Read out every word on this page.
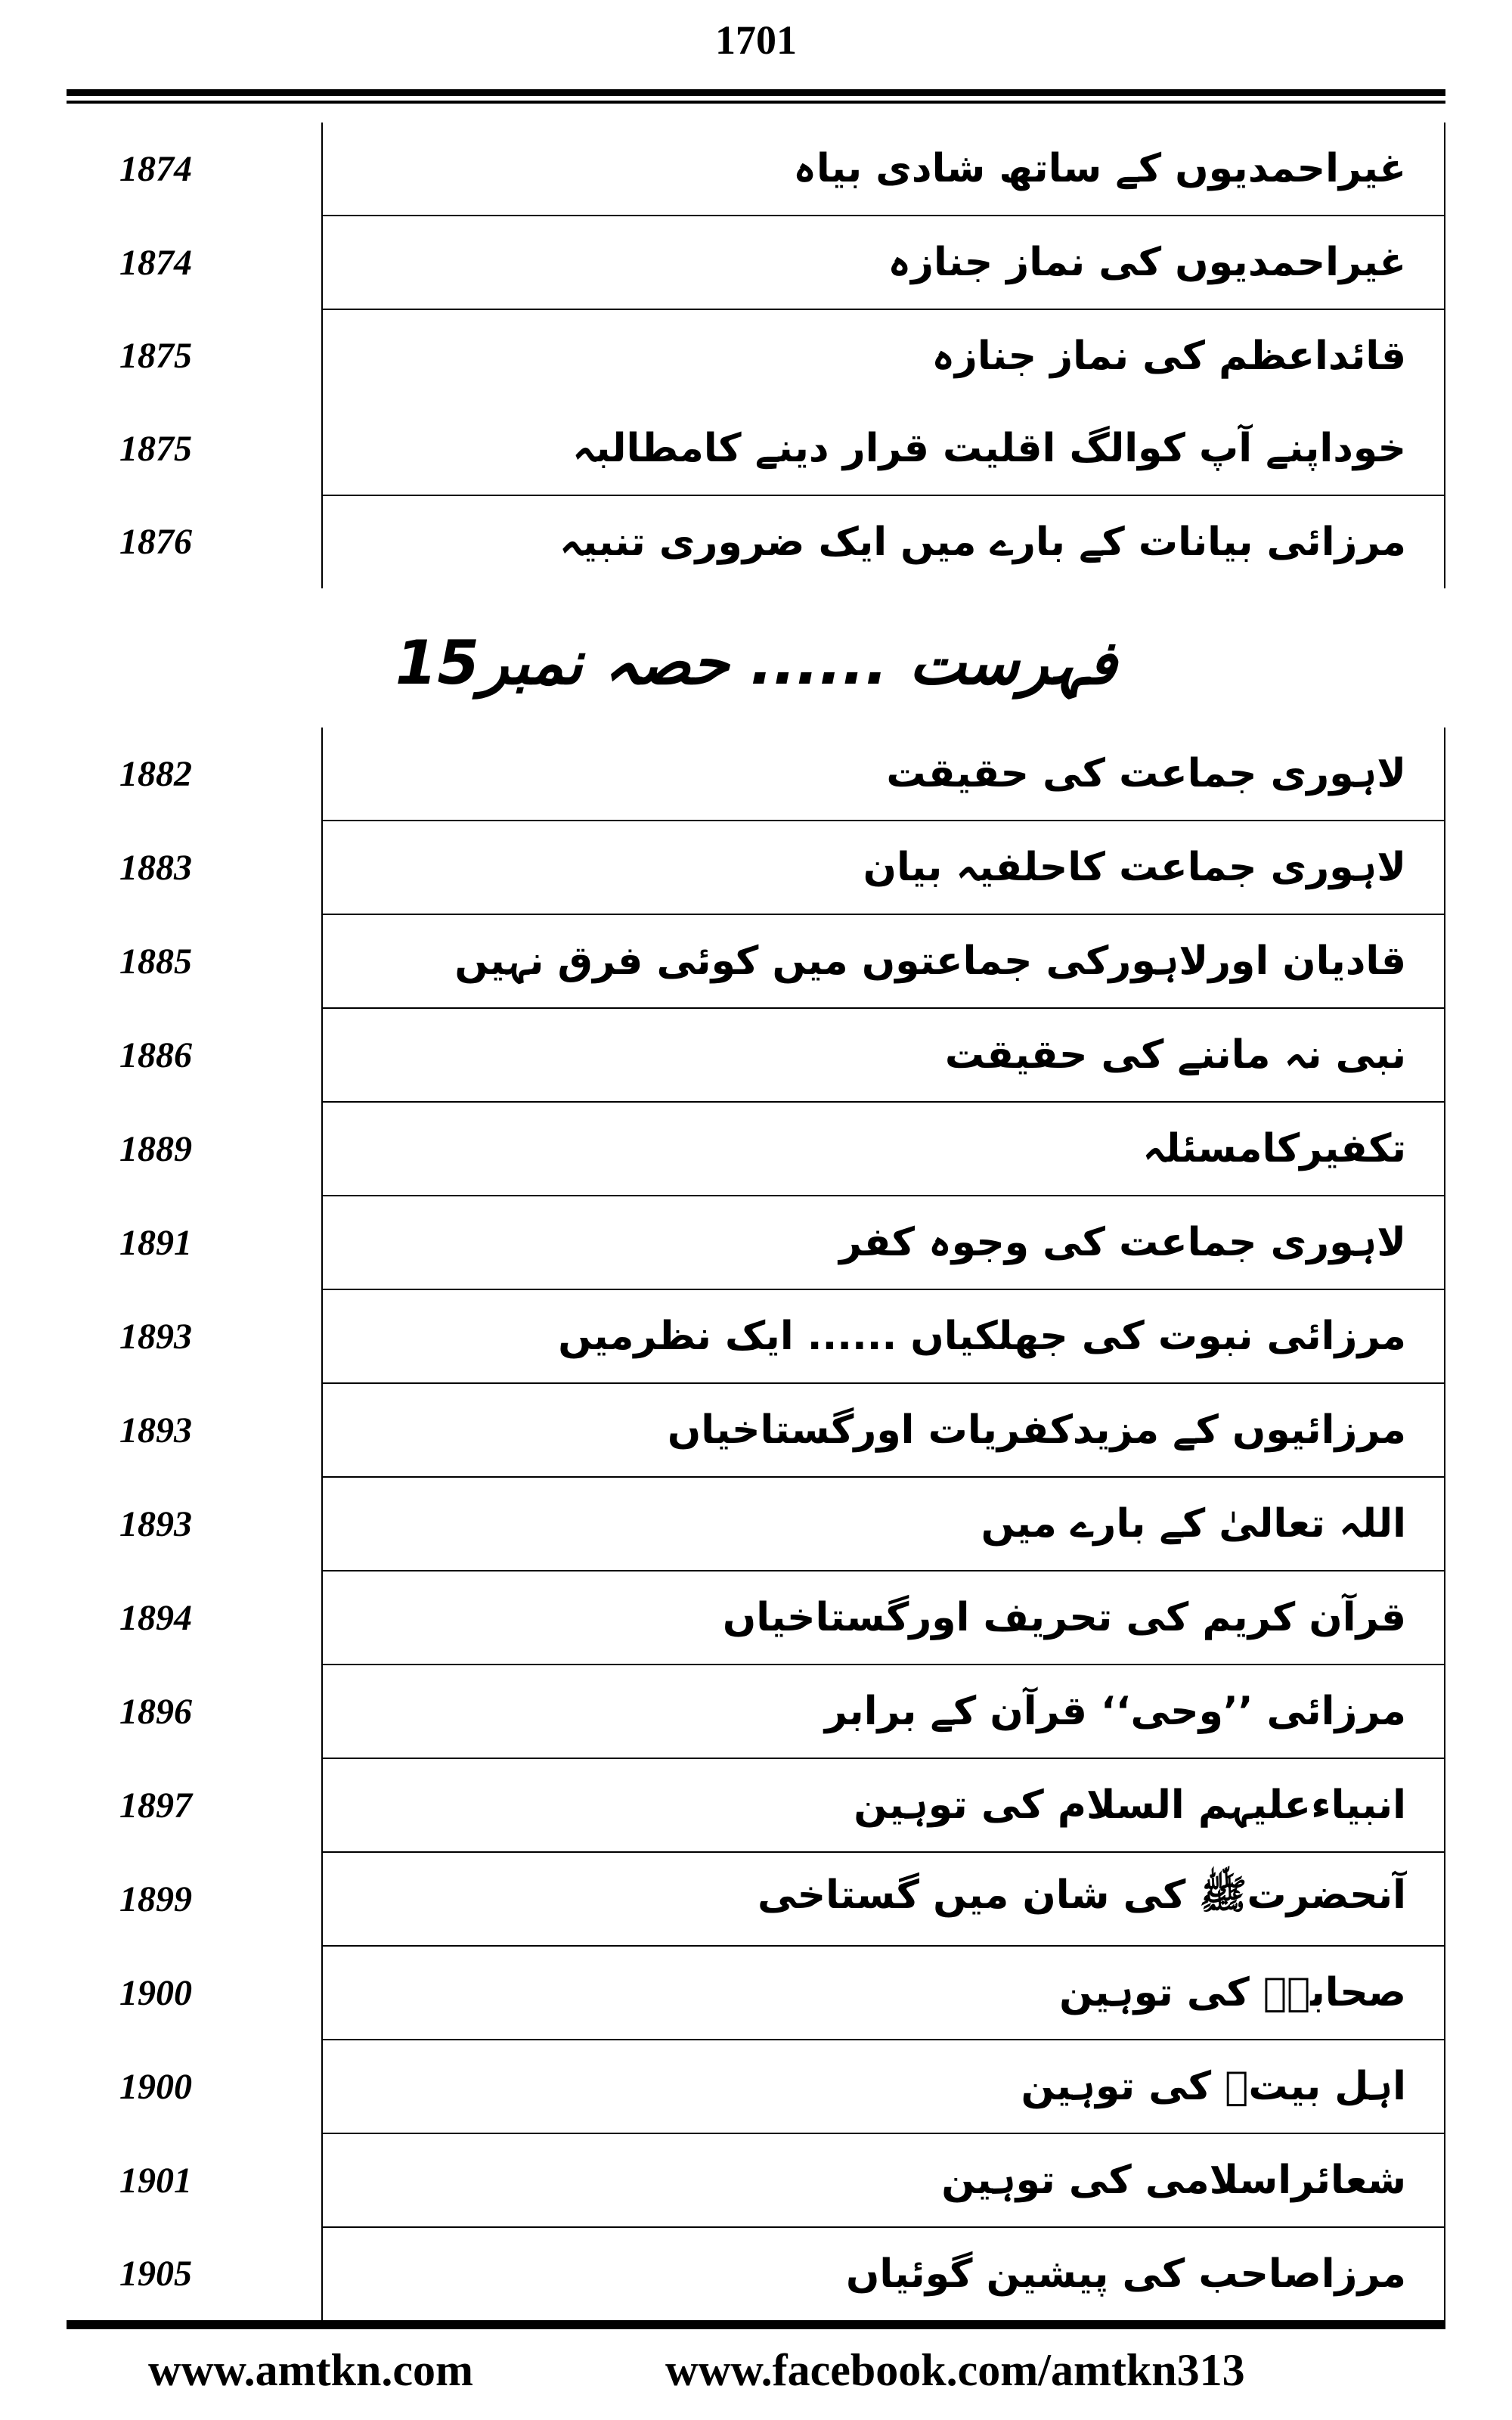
1701
1874	غیراحمدیوں کے ساتھ شادی بیاہ
1874	غیراحمدیوں کی نماز جنازہ
1875	قائداعظم کی نماز جنازہ
1875	خوداپنے آپ کوالگ اقلیت قرار دینے کامطالبہ
1876	مرزائی بیانات کے بارے میں ایک ضروری تنبیہ
فہرست ...... حصہ نمبر15
1882	لاہوری جماعت کی حقیقت
1883	لاہوری جماعت کاحلفیہ بیان
1885	قادیان اورلاہورکی جماعتوں میں کوئی فرق نہیں
1886	نبی نہ ماننے کی حقیقت
1889	تکفیرکامسئلہ
1891	لاہوری جماعت کی وجوہ کفر
1893	مرزائی نبوت کی جھلکیاں ...... ایک نظرمیں
1893	مرزائیوں کے مزیدکفریات اورگستاخیاں
1893	اللہ تعالیٰ کے بارے میں
1894	قرآن کریم کی تحریف اورگستاخیاں
1896	مرزائی ’’وحی‘‘ قرآن کے برابر
1897	انبیاءعلیہم السلام کی توہین
1899	آنحضرتﷺ کی شان میں گستاخی
1900	صحابہؓ کی توہین
1900	اہل بیتؓ کی توہین
1901	شعائراسلامی کی توہین
1905	مرزاصاحب کی پیشین گوئیاں
www.amtkn.com	www.facebook.com/amtkn313
